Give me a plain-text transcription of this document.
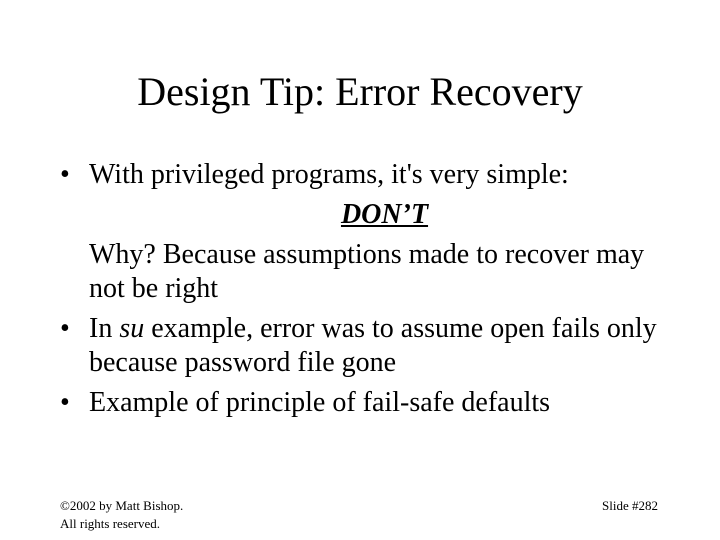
Design Tip: Error Recovery
• With privileged programs, it's very simple:
DON’T
Why? Because assumptions made to recover may not be right
• In su example, error was to assume open fails only because password file gone
• Example of principle of fail-safe defaults
©2002 by Matt Bishop.
All rights reserved.
Slide #282
